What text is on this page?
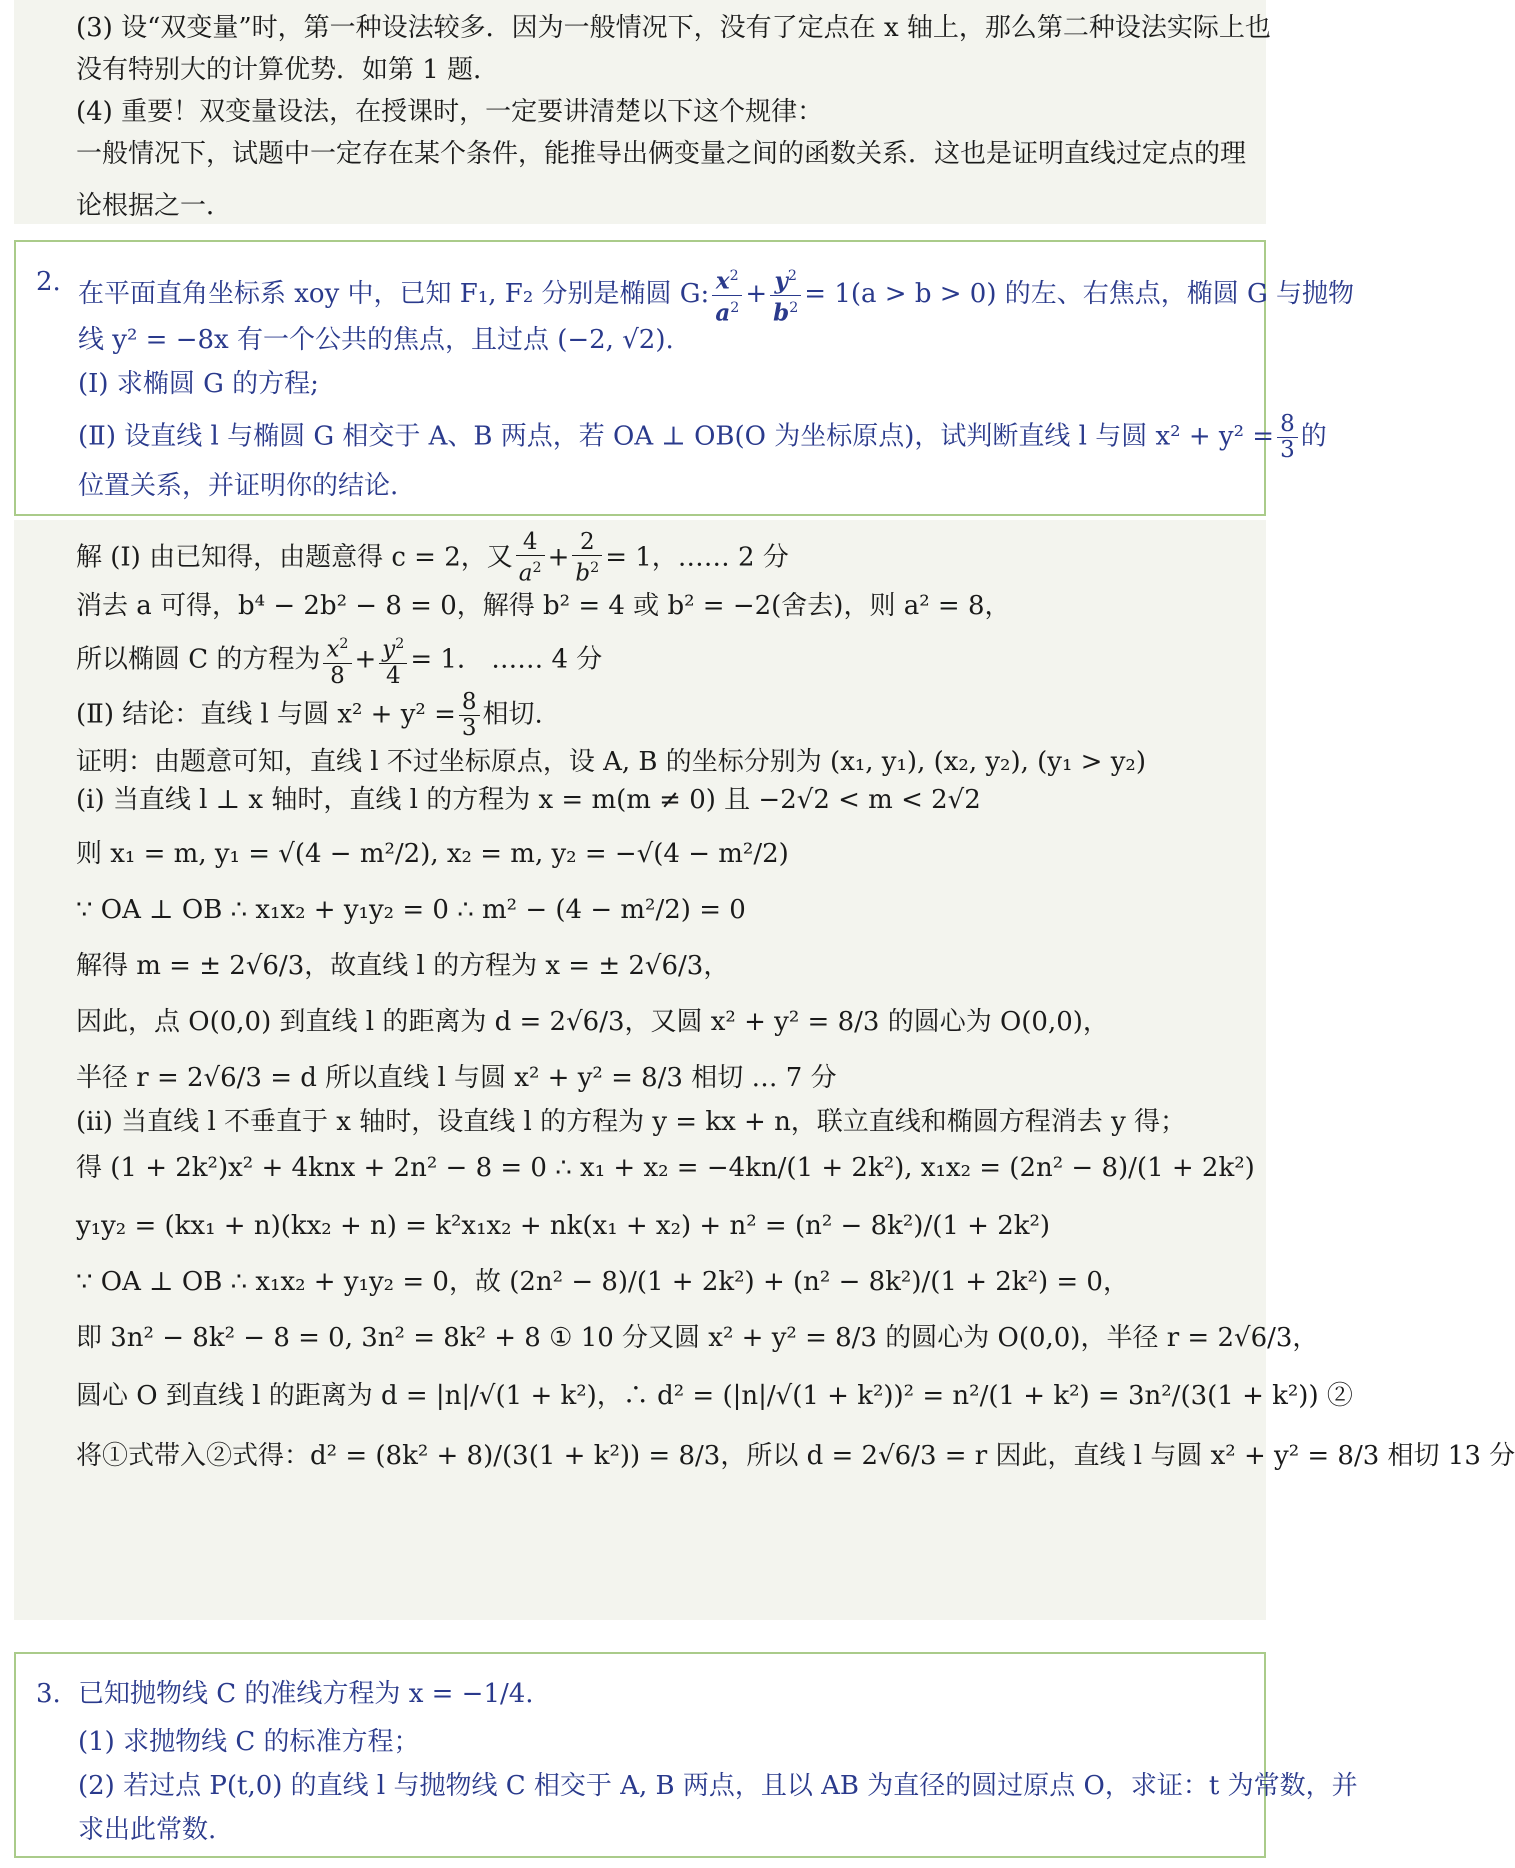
(3) 设“双变量”时，第一种设法较多．因为一般情况下，没有了定点在 x 轴上，那么第二种设法实际上也
没有特别大的计算优势．如第 1 题．
(4) 重要！双变量设法，在授课时，一定要讲清楚以下这个规律：
一般情况下，试题中一定存在某个条件，能推导出俩变量之间的函数关系．这也是证明直线过定点的理
论根据之一．
2. 在平面直角坐标系 xoy 中，已知 F₁, F₂ 分别是椭圆 G: $\frac{x^2}{a^2} + \frac{y^2}{b^2} = 1(a > b > 0)$ 的左、右焦点，椭圆 G 与抛物
线 y² = −8x 有一个公共的焦点，且过点 (−2, √2).
(Ⅰ) 求椭圆 G 的方程;
(Ⅱ) 设直线 l 与椭圆 G 相交于 A、B 两点，若 OA ⊥ OB(O 为坐标原点)，试判断直线 l 与圆 $x^2 + y^2 = \frac{8}{3}$ 的
位置关系，并证明你的结论.
解 (Ⅰ) 由已知得，由题意得 c = 2，又 $\frac{4}{a^2} + \frac{2}{b^2} = 1$，…… 2 分
消去 a 可得，b⁴ − 2b² − 8 = 0，解得 b² = 4 或 b² = −2(舍去)，则 a² = 8，
所以椭圆 C 的方程为 $\frac{x^2}{8} + \frac{y^2}{4} = 1$． …… 4 分
(Ⅱ) 结论：直线 l 与圆 $x^2 + y^2 = \frac{8}{3}$ 相切.
证明：由题意可知，直线 l 不过坐标原点，设 A, B 的坐标分别为 (x₁, y₁), (x₂, y₂), (y₁ > y₂)
(ⅰ) 当直线 l ⊥ x 轴时，直线 l 的方程为 x = m(m ≠ 0) 且 −2√2 < m < 2√2
则 x₁ = m, y₁ = √(4 − m²/2), x₂ = m, y₂ = −√(4 − m²/2)
∵ OA ⊥ OB ∴ x₁x₂ + y₁y₂ = 0 ∴ m² − (4 − m²/2) = 0
解得 m = ± 2√6/3，故直线 l 的方程为 x = ± 2√6/3，
因此，点 O(0,0) 到直线 l 的距离为 d = 2√6/3，又圆 x² + y² = 8/3 的圆心为 O(0,0)，
半径 r = 2√6/3 = d 所以直线 l 与圆 x² + y² = 8/3 相切 … 7 分
(ⅱ) 当直线 l 不垂直于 x 轴时，设直线 l 的方程为 y = kx + n，联立直线和椭圆方程消去 y 得；
得 (1 + 2k²)x² + 4knx + 2n² − 8 = 0 ∴ x₁ + x₂ = −4kn/(1 + 2k²), x₁x₂ = (2n² − 8)/(1 + 2k²)
y₁y₂ = (kx₁ + n)(kx₂ + n) = k²x₁x₂ + nk(x₁ + x₂) + n² = (n² − 8k²)/(1 + 2k²)
∵ OA ⊥ OB ∴ x₁x₂ + y₁y₂ = 0，故 (2n² − 8)/(1 + 2k²) + (n² − 8k²)/(1 + 2k²) = 0，
即 3n² − 8k² − 8 = 0, 3n² = 8k² + 8 ① 10 分又圆 x² + y² = 8/3 的圆心为 O(0,0)，半径 r = 2√6/3，
圆心 O 到直线 l 的距离为 d = |n|/√(1 + k²)，∴ d² = (|n|/√(1 + k²))² = n²/(1 + k²) = 3n²/(3(1 + k²)) ②
将①式带入②式得：d² = (8k² + 8)/(3(1 + k²)) = 8/3，所以 d = 2√6/3 = r 因此，直线 l 与圆 x² + y² = 8/3 相切 13 分
3. 已知抛物线 C 的准线方程为 x = −1/4.
(1) 求抛物线 C 的标准方程；
(2) 若过点 P(t,0) 的直线 l 与抛物线 C 相交于 A, B 两点，且以 AB 为直径的圆过原点 O，求证：t 为常数，并
求出此常数.
